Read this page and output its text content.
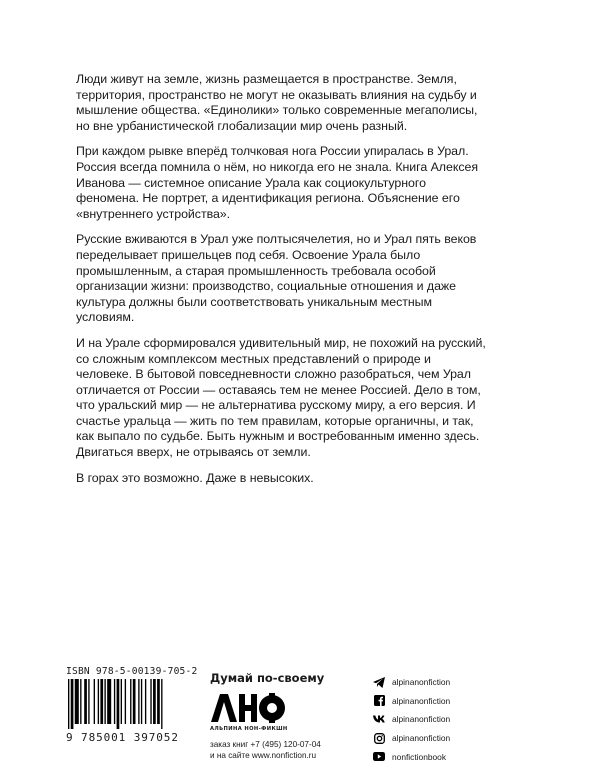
Люди живут на земле, жизнь размещается в пространстве. Земля, территория, пространство не могут не оказывать влияния на судьбу и мышление общества. «Единолики» только современные мегаполисы, но вне урбанистической глобализации мир очень разный.

При каждом рывке вперёд толчковая нога России упиралась в Урал. Россия всегда помнила о нём, но никогда его не знала. Книга Алексея Иванова — системное описание Урала как социокультурного феномена. Не портрет, а идентификация региона. Объяснение его «внутреннего устройства».

Русские вживаются в Урал уже полтысячелетия, но и Урал пять веков переделывает пришельцев под себя. Освоение Урала было промышленным, а старая промышленность требовала особой организации жизни: производство, социальные отношения и даже культура должны были соответствовать уникальным местным условиям.

И на Урале сформировался удивительный мир, не похожий на русский, со сложным комплексом местных представлений о природе и человеке. В бытовой повседневности сложно разобраться, чем Урал отличается от России — оставаясь тем не менее Россией. Дело в том, что уральский мир — не альтернатива русскому миру, а его версия. И счастье уральца — жить по тем правилам, которые органичны, и так, как выпало по судьбе. Быть нужным и востребованным именно здесь. Двигаться вверх, не отрываясь от земли.

В горах это возможно. Даже в невысоких.

ISBN 978-5-00139-705-2
9 785001 397052
Думай по-своему
АЛЬПИНА НОН-ФИКШН
заказ книг +7 (495) 120-07-04
и на сайте www.nonfiction.ru
alpinanonfiction
alpinanonfiction
alpinanonfiction
alpinanonfiction
nonfictionbook
